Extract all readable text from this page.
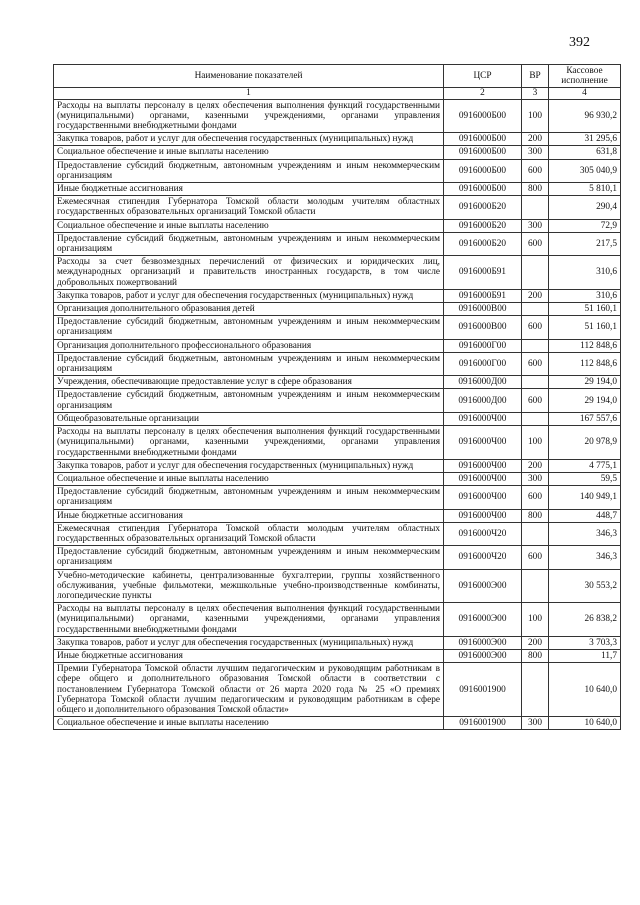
392
Наименование показателей	ЦСР	ВР	Кассовое исполнение
1	2	3	4
Расходы на выплаты персоналу в целях обеспечения выполнения функций государственными (муниципальными) органами, казенными учреждениями, органами управления государственными внебюджетными фондами	0916000Б00	100	96 930,2
Закупка товаров, работ и услуг для обеспечения государственных (муниципальных) нужд	0916000Б00	200	31 295,6
Социальное обеспечение и иные выплаты населению	0916000Б00	300	631,8
Предоставление субсидий бюджетным, автономным учреждениям и иным некоммерческим организациям	0916000Б00	600	305 040,9
Иные бюджетные ассигнования	0916000Б00	800	5 810,1
Ежемесячная стипендия Губернатора Томской области молодым учителям областных государственных образовательных организаций Томской области	0916000Б20		290,4
Социальное обеспечение и иные выплаты населению	0916000Б20	300	72,9
Предоставление субсидий бюджетным, автономным учреждениям и иным некоммерческим организациям	0916000Б20	600	217,5
Расходы за счет безвозмездных перечислений от физических и юридических лиц, международных организаций и правительств иностранных государств, в том числе добровольных пожертвований	0916000Б91		310,6
Закупка товаров, работ и услуг для обеспечения государственных (муниципальных) нужд	0916000Б91	200	310,6
Организация дополнительного образования детей	0916000В00		51 160,1
Предоставление субсидий бюджетным, автономным учреждениям и иным некоммерческим организациям	0916000В00	600	51 160,1
Организация дополнительного профессионального образования	0916000Г00		112 848,6
Предоставление субсидий бюджетным, автономным учреждениям и иным некоммерческим организациям	0916000Г00	600	112 848,6
Учреждения, обеспечивающие предоставление услуг в сфере образования	0916000Д00		29 194,0
Предоставление субсидий бюджетным, автономным учреждениям и иным некоммерческим организациям	0916000Д00	600	29 194,0
Общеобразовательные организации	0916000Ч00		167 557,6
Расходы на выплаты персоналу в целях обеспечения выполнения функций государственными (муниципальными) органами, казенными учреждениями, органами управления государственными внебюджетными фондами	0916000Ч00	100	20 978,9
Закупка товаров, работ и услуг для обеспечения государственных (муниципальных) нужд	0916000Ч00	200	4 775,1
Социальное обеспечение и иные выплаты населению	0916000Ч00	300	59,5
Предоставление субсидий бюджетным, автономным учреждениям и иным некоммерческим организациям	0916000Ч00	600	140 949,1
Иные бюджетные ассигнования	0916000Ч00	800	448,7
Ежемесячная стипендия Губернатора Томской области молодым учителям областных государственных образовательных организаций Томской области	0916000Ч20		346,3
Предоставление субсидий бюджетным, автономным учреждениям и иным некоммерческим организациям	0916000Ч20	600	346,3
Учебно-методические кабинеты, централизованные бухгалтерии, группы хозяйственного обслуживания, учебные фильмотеки, межшкольные учебно-производственные комбинаты, логопедические пункты	0916000Э00		30 553,2
Расходы на выплаты персоналу в целях обеспечения выполнения функций государственными (муниципальными) органами, казенными учреждениями, органами управления государственными внебюджетными фондами	0916000Э00	100	26 838,2
Закупка товаров, работ и услуг для обеспечения государственных (муниципальных) нужд	0916000Э00	200	3 703,3
Иные бюджетные ассигнования	0916000Э00	800	11,7
Премии Губернатора Томской области лучшим педагогическим и руководящим работникам в сфере общего и дополнительного образования Томской области в соответствии с постановлением Губернатора Томской области от 26 марта 2020 года № 25 «О премиях Губернатора Томской области лучшим педагогическим и руководящим работникам в сфере общего и дополнительного образования Томской области»	0916001900		10 640,0
Социальное обеспечение и иные выплаты населению	0916001900	300	10 640,0
